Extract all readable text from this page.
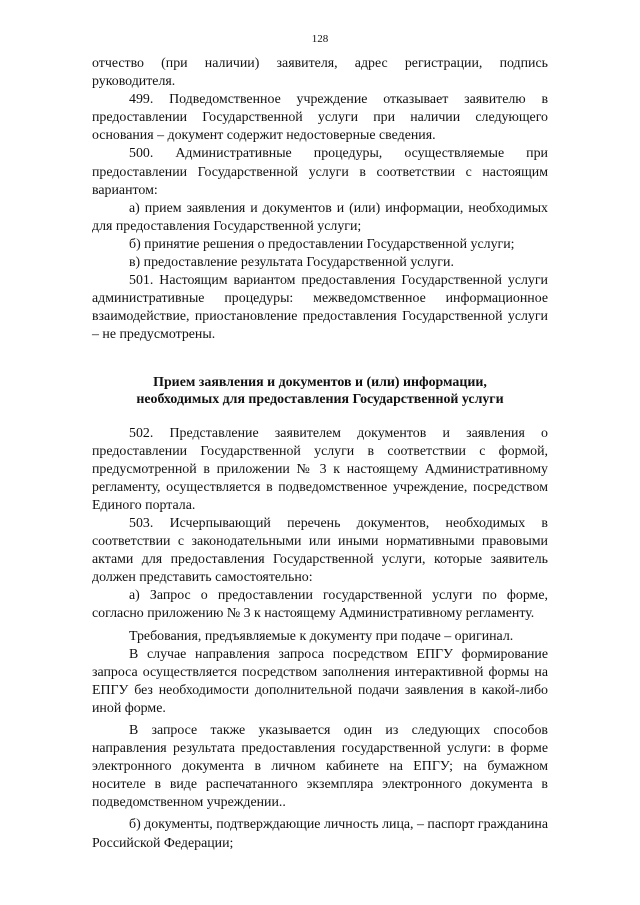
128

отчество (при наличии) заявителя, адрес регистрации, подпись руководителя.

499. Подведомственное учреждение отказывает заявителю в предоставлении Государственной услуги при наличии следующего основания – документ содержит недостоверные сведения.

500. Административные процедуры, осуществляемые при предоставлении Государственной услуги в соответствии с настоящим вариантом:

а) прием заявления и документов и (или) информации, необходимых для предоставления Государственной услуги;

б) принятие решения о предоставлении Государственной услуги;

в) предоставление результата Государственной услуги.

501. Настоящим вариантом предоставления Государственной услуги административные процедуры: межведомственное информационное взаимодействие, приостановление предоставления Государственной услуги – не предусмотрены.

Прием заявления и документов и (или) информации,
необходимых для предоставления Государственной услуги

502. Представление заявителем документов и заявления о предоставлении Государственной услуги в соответствии с формой, предусмотренной в приложении № 3 к настоящему Административному регламенту, осуществляется в подведомственное учреждение, посредством Единого портала.

503. Исчерпывающий перечень документов, необходимых в соответствии с законодательными или иными нормативными правовыми актами для предоставления Государственной услуги, которые заявитель должен представить самостоятельно:

а) Запрос о предоставлении государственной услуги по форме, согласно приложению № 3 к настоящему Административному регламенту.

Требования, предъявляемые к документу при подаче – оригинал.

В случае направления запроса посредством ЕПГУ формирование запроса осуществляется посредством заполнения интерактивной формы на ЕПГУ без необходимости дополнительной подачи заявления в какой-либо иной форме.

В запросе также указывается один из следующих способов направления результата предоставления государственной услуги: в форме электронного документа в личном кабинете на ЕПГУ; на бумажном носителе в виде распечатанного экземпляра электронного документа в подведомственном учреждении..

б) документы, подтверждающие личность лица, – паспорт гражданина Российской Федерации;
